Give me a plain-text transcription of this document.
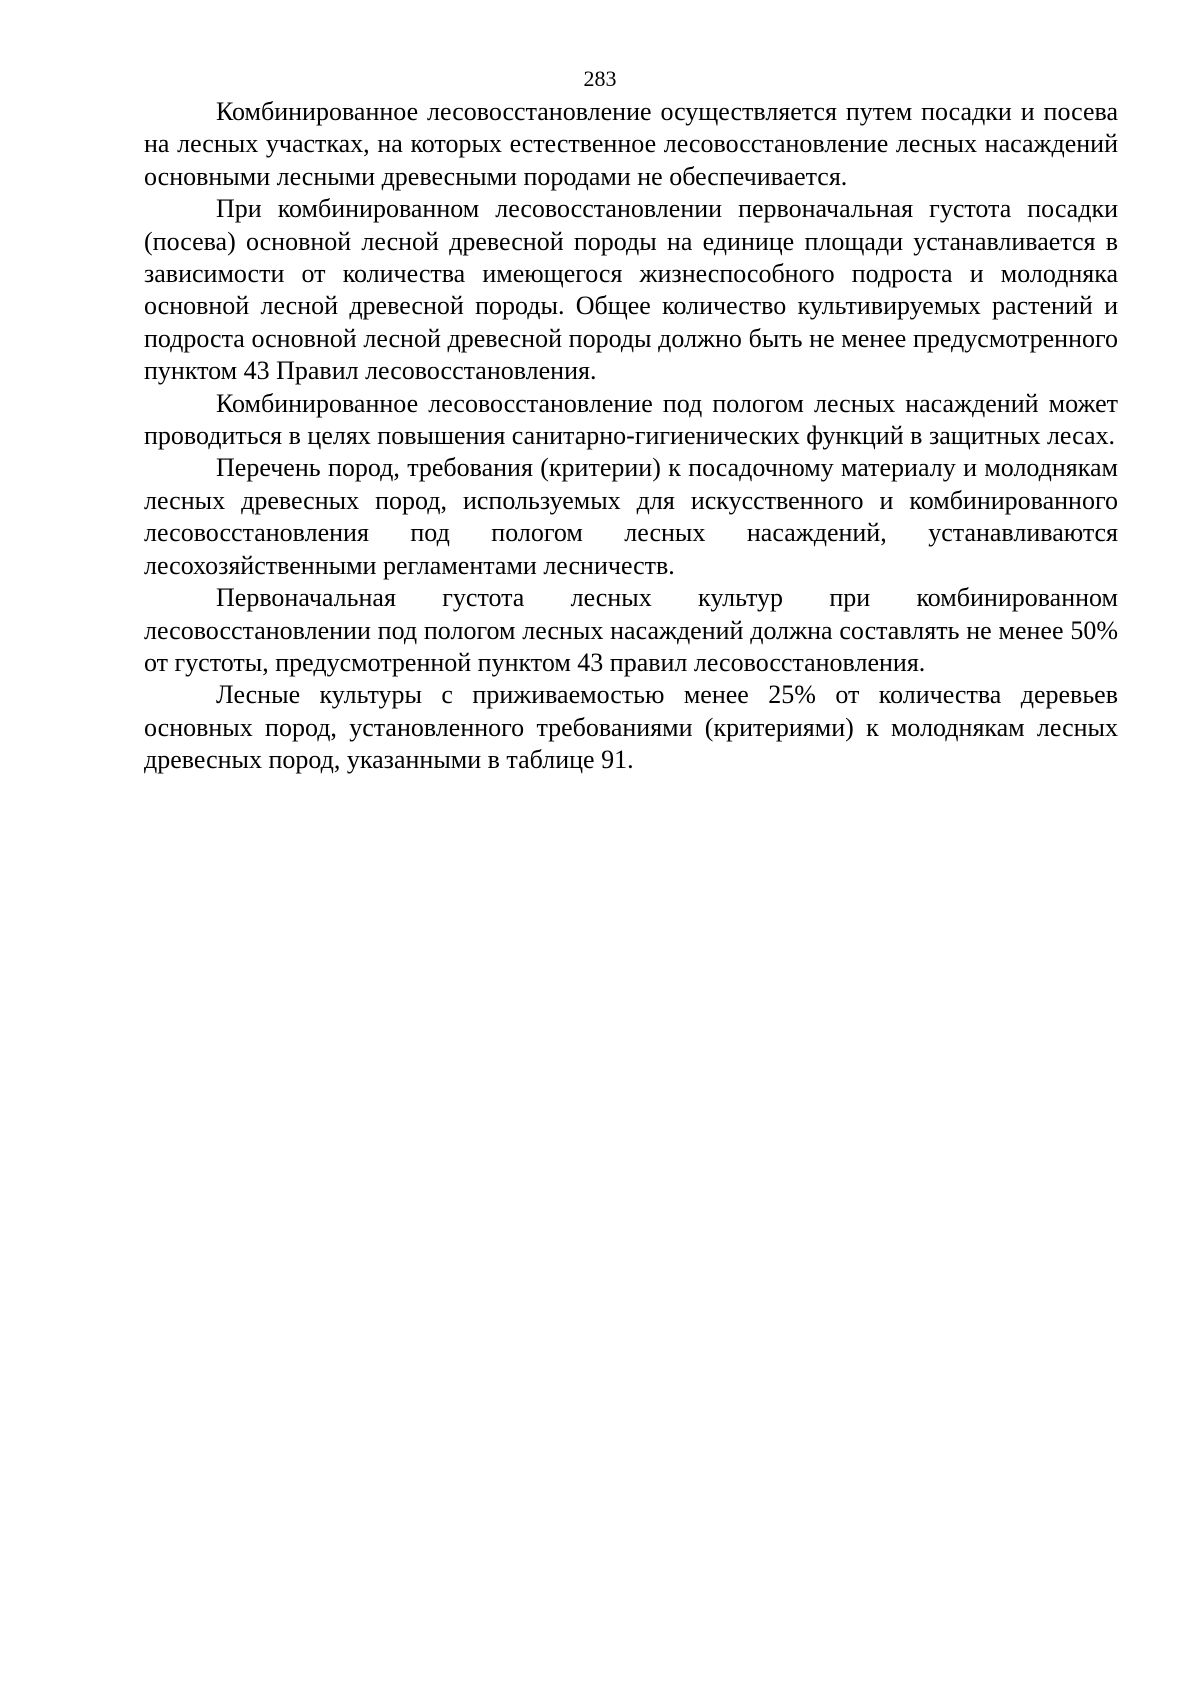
283

Комбинированное лесовосстановление осуществляется путем посадки и посева на лесных участках, на которых естественное лесовосстановление лесных насаждений основными лесными древесными породами не обеспечивается.

При комбинированном лесовосстановлении первоначальная густота посадки (посева) основной лесной древесной породы на единице площади устанавливается в зависимости от количества имеющегося жизнеспособного подроста и молодняка основной лесной древесной породы. Общее количество культивируемых растений и подроста основной лесной древесной породы должно быть не менее предусмотренного пунктом 43 Правил лесовосстановления.

Комбинированное лесовосстановление под пологом лесных насаждений может проводиться в целях повышения санитарно-гигиенических функций в защитных лесах.

Перечень пород, требования (критерии) к посадочному материалу и молоднякам лесных древесных пород, используемых для искусственного и комбинированного лесовосстановления под пологом лесных насаждений, устанавливаются лесохозяйственными регламентами лесничеств.

Первоначальная густота лесных культур при комбинированном лесовосстановлении под пологом лесных насаждений должна составлять не менее 50% от густоты, предусмотренной пунктом 43 правил лесовосстановления.

Лесные культуры с приживаемостью менее 25% от количества деревьев основных пород, установленного требованиями (критериями) к молоднякам лесных древесных пород, указанными в таблице 91.
